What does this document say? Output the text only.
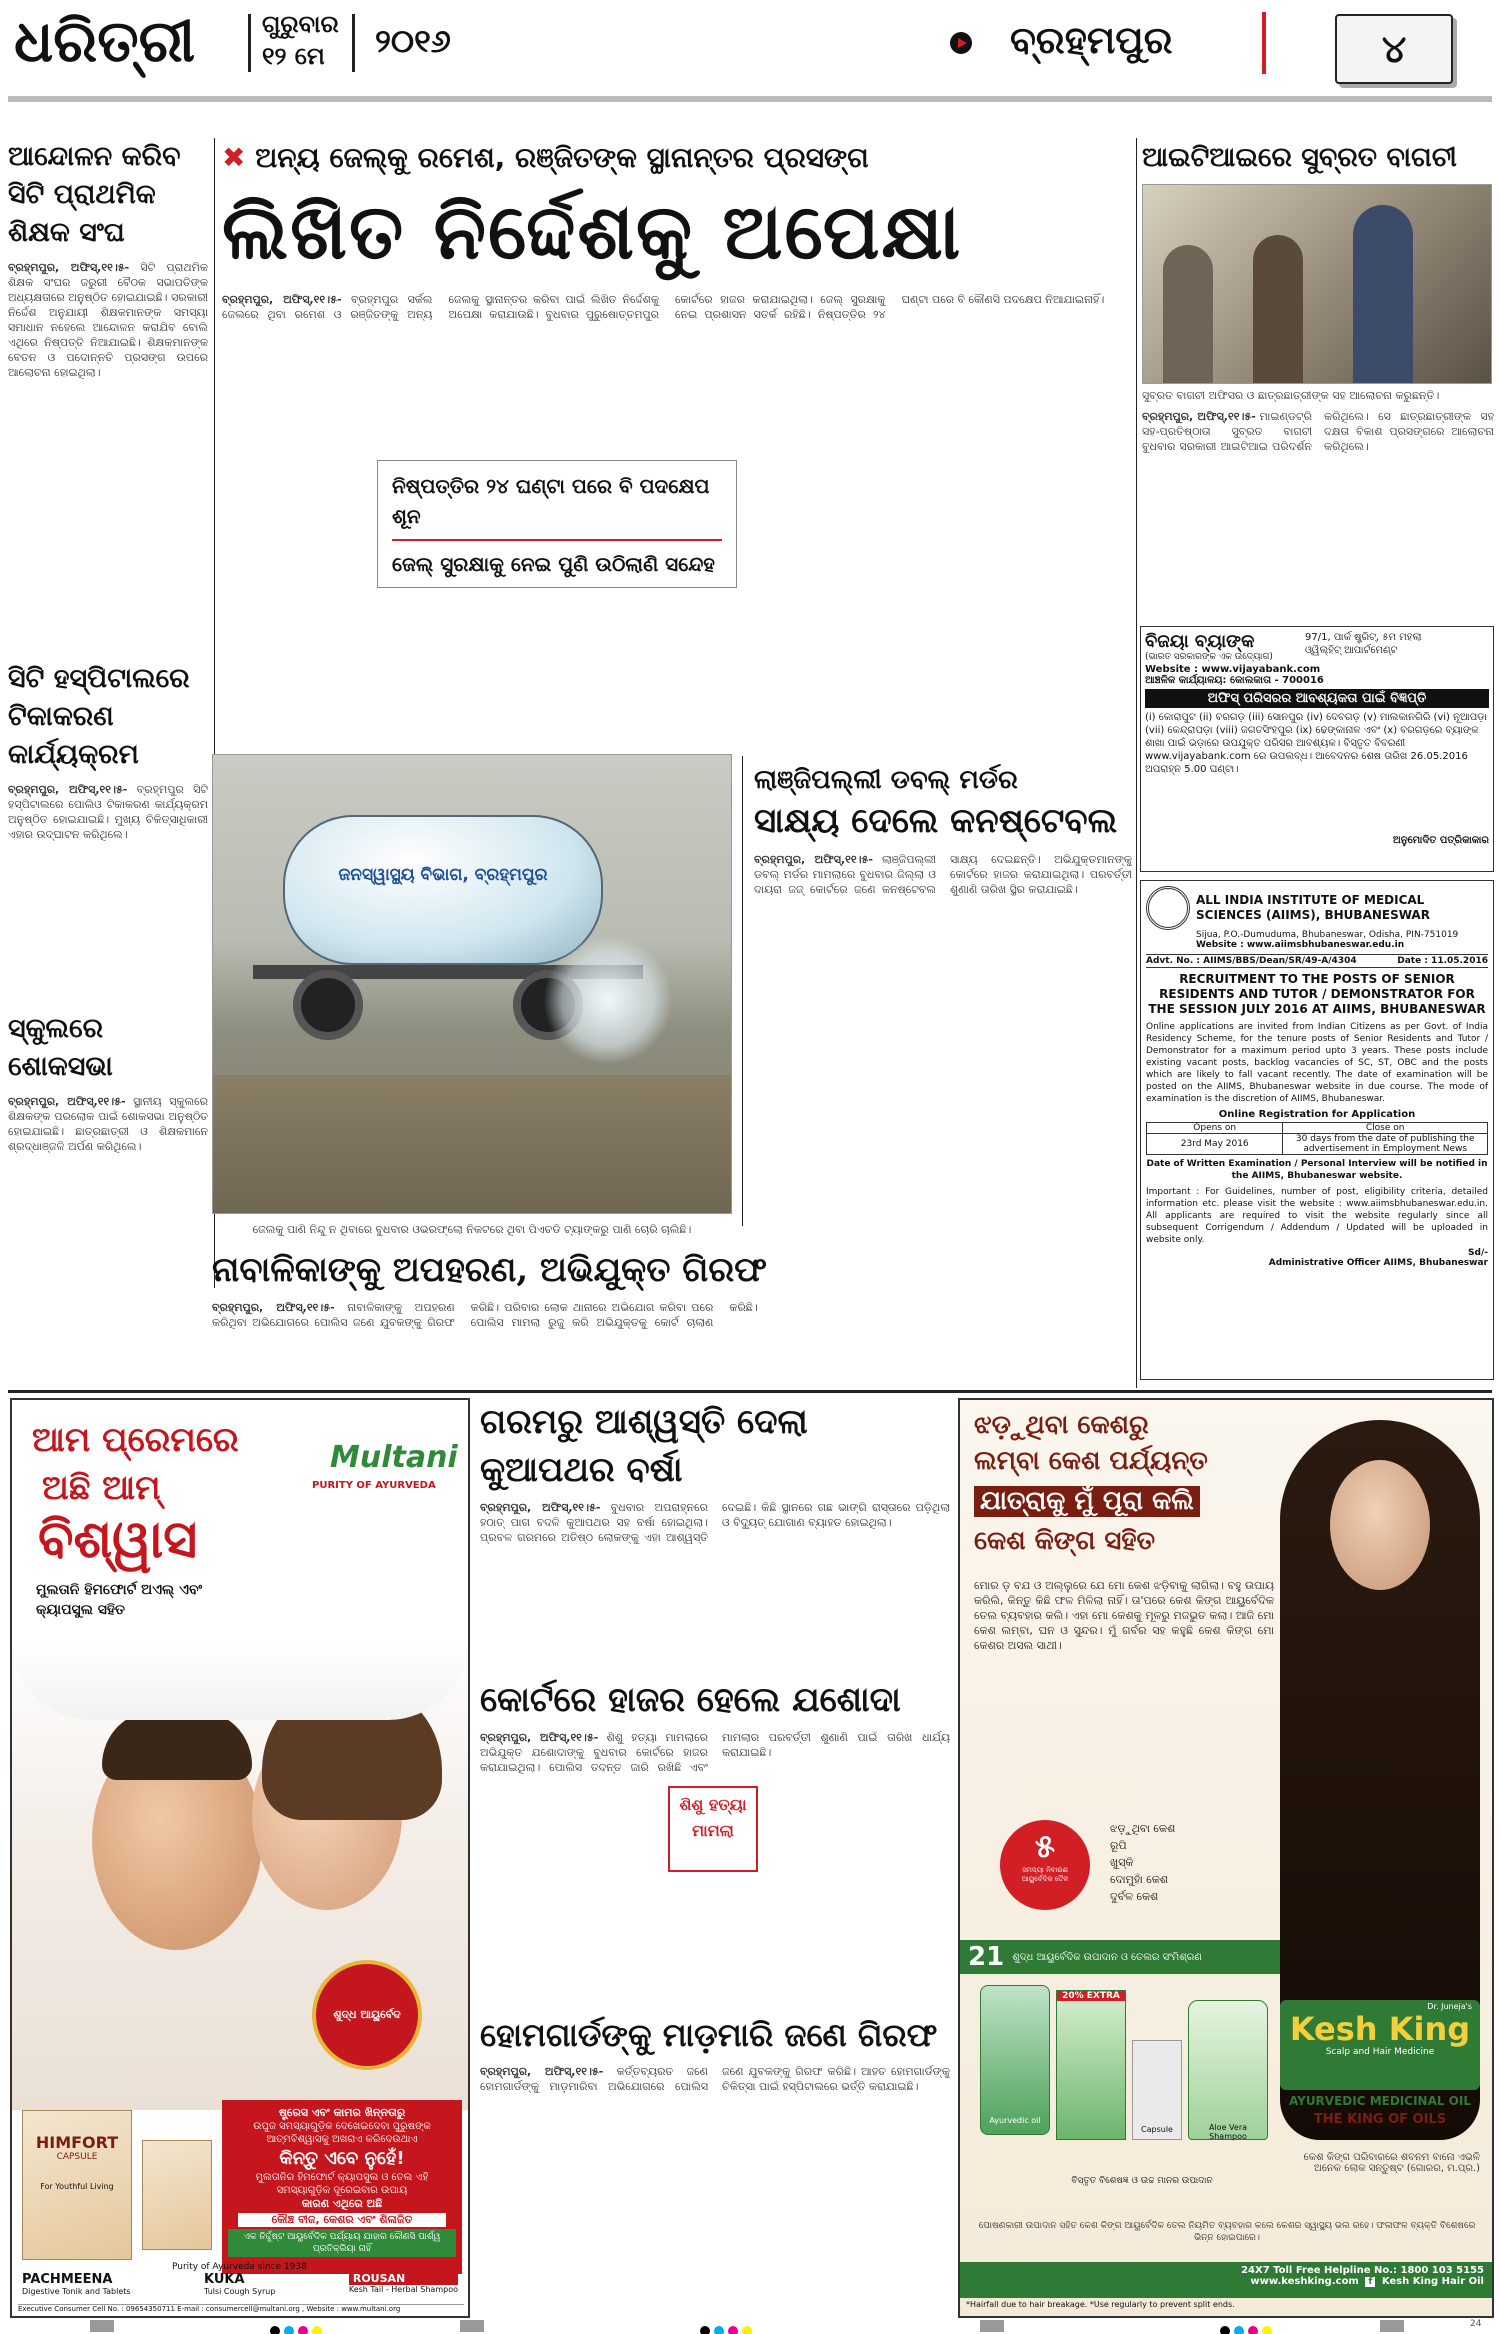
ଧରିତ୍ରୀ	ଗୁରୁବାର
୧୨ ମେ ୨୦୧୬	ବ୍ରହ୍ମପୁର	୪
ଆନ୍ଦୋଳନ କରିବ ସିଟି ପ୍ରାଥମିକ ଶିକ୍ଷକ ସଂଘ
ବ୍ରହ୍ମପୁର, ଅଫିସ୍,୧୧।୫- ସିଟି ପ୍ରାଥମିକ ଶିକ୍ଷକ ସଂଘର ଜରୁରୀ ବୈଠକ ସଭାପତିଙ୍କ ଅଧ୍ୟକ୍ଷତାରେ ଅନୁଷ୍ଠିତ ହୋଇଯାଇଛି। ସରକାରୀ ନିର୍ଦ୍ଦେଶ ଅନୁଯାୟୀ ଶିକ୍ଷକମାନଙ୍କ ସମସ୍ୟା ସମାଧାନ ନହେଲେ ଆନ୍ଦୋଳନ କରାଯିବ ବୋଲି ଏଥିରେ ନିଷ୍ପତ୍ତି ନିଆଯାଇଛି। ଶିକ୍ଷକମାନଙ୍କ ବେତନ ଓ ପଦୋନ୍ନତି ପ୍ରସଙ୍ଗ ଉପରେ ଆଲୋଚନା ହୋଇଥିଲା।
ସିଟି ହସ୍ପିଟାଲରେ ଟିକାକରଣ କାର୍ଯ୍ୟକ୍ରମ
ବ୍ରହ୍ମପୁର, ଅଫିସ୍,୧୧।୫- ବ୍ରହ୍ମପୁର ସିଟି ହସ୍ପିଟାଲରେ ପୋଲିଓ ଟିକାକରଣ କାର୍ଯ୍ୟକ୍ରମ ଅନୁଷ୍ଠିତ ହୋଇଯାଇଛି। ମୁଖ୍ୟ ଚିକିତ୍ସାଧିକାରୀ ଏହାର ଉଦ୍‌ଘାଟନ କରିଥିଲେ।
ସ୍କୁଲରେ ଶୋକସଭା
ବ୍ରହ୍ମପୁର, ଅଫିସ୍,୧୧।୫- ସ୍ଥାନୀୟ ସ୍କୁଲରେ ଶିକ୍ଷକଙ୍କ ପରଲୋକ ପାଇଁ ଶୋକସଭା ଅନୁଷ୍ଠିତ ହୋଇଯାଇଛି। ଛାତ୍ରଛାତ୍ରୀ ଓ ଶିକ୍ଷକମାନେ ଶ୍ରଦ୍ଧାଞ୍ଜଳି ଅର୍ପଣ କରିଥିଲେ।
✖ ଅନ୍ୟ ଜେଲ୍‌କୁ ରମେଶ, ରଞ୍ଜିତଙ୍କ ସ୍ଥାନାନ୍ତର ପ୍ରସଙ୍ଗ
ଲିଖିତ ନିର୍ଦ୍ଦେଶକୁ ଅପେକ୍ଷା
ବ୍ରହ୍ମପୁର, ଅଫିସ୍,୧୧।୫- ବ୍ରହ୍ମପୁର ସର୍କଲ ଜେଲରେ ଥିବା ରମେଶ ଓ ରଞ୍ଜିତଙ୍କୁ ଅନ୍ୟ ଜେଲକୁ ସ୍ଥାନାନ୍ତର କରିବା ପାଇଁ ଲିଖିତ ନିର୍ଦ୍ଦେଶକୁ ଅପେକ୍ଷା କରାଯାଉଛି। ବୁଧବାର ପୁରୁଷୋତ୍ତମପୁର କୋର୍ଟରେ ହାଜର କରାଯାଇଥିଲା। ଜେଲ୍ ସୁରକ୍ଷାକୁ ନେଇ ପ୍ରଶାସନ ସତର୍କ ରହିଛି। ନିଷ୍ପତ୍ତିର ୨୪ ଘଣ୍ଟା ପରେ ବି କୌଣସି ପଦକ୍ଷେପ ନିଆଯାଇନାହିଁ।
ନିଷ୍ପତ୍ତିର ୨୪ ଘଣ୍ଟା ପରେ ବି ପଦକ୍ଷେପ ଶୂନ
ଜେଲ୍ ସୁରକ୍ଷାକୁ ନେଇ ପୁଣି ଉଠିଲାଣି ସନ୍ଦେହ
ଜନସ୍ୱାସ୍ଥ୍ୟ ବିଭାଗ, ବ୍ରହ୍ମପୁର
ଜେଲକୁ ପାଣି ନିନ୍ଦୁ ନ ଥିବାରେ ବୁଧବାର ଓଭରଫ୍ଲୋ ନିକଟରେ ଥିବା ପିଏଚଡି ଟ୍ୟାଙ୍କରୁ ପାଣି ଚୋରି ଚାଲିଛି।
ନାବାଳିକାଙ୍କୁ ଅପହରଣ, ଅଭିଯୁକ୍ତ ଗିରଫ
ବ୍ରହ୍ମପୁର, ଅଫିସ୍,୧୧।୫- ନାବାଳିକାଙ୍କୁ ଅପହରଣ କରିଥିବା ଅଭିଯୋଗରେ ପୋଲିସ ଜଣେ ଯୁବକଙ୍କୁ ଗିରଫ କରିଛି। ପରିବାର ଲୋକ ଥାନାରେ ଅଭିଯୋଗ କରିବା ପରେ ପୋଲିସ ମାମଲା ରୁଜୁ କରି ଅଭିଯୁକ୍ତକୁ କୋର୍ଟ ଚାଲାଣ କରିଛି।
ଲାଞ୍ଜିପଲ୍ଲୀ ଡବଲ୍ ମର୍ଡର
ସାକ୍ଷ୍ୟ ଦେଲେ କନଷ୍ଟେବଲ
ବ୍ରହ୍ମପୁର, ଅଫିସ୍,୧୧।୫- ଲାଞ୍ଜିପଲ୍ଲୀ ଡବଲ୍ ମର୍ଡର ମାମଲାରେ ବୁଧବାର ଜିଲ୍ଲା ଓ ଦାୟରା ଜଜ୍ କୋର୍ଟରେ ଜଣେ କନଷ୍ଟେବଲ ସାକ୍ଷ୍ୟ ଦେଇଛନ୍ତି। ଅଭିଯୁକ୍ତମାନଙ୍କୁ କୋର୍ଟରେ ହାଜର କରାଯାଇଥିଲା। ପରବର୍ତ୍ତୀ ଶୁଣାଣି ତାରିଖ ସ୍ଥିର କରାଯାଇଛି।
ଆଇଟିଆଇରେ ସୁବ୍ରତ ବାଗଚୀ
ସୁବ୍ରତ ବାଗଚୀ ଅଫିସର ଓ ଛାତ୍ରଛାତ୍ରୀଙ୍କ ସହ ଆଲୋଚନା କରୁଛନ୍ତି।
ବ୍ରହ୍ମପୁର, ଅଫିସ୍,୧୧।୫- ମାଇଣ୍ଡଟ୍ରି ସହ-ପ୍ରତିଷ୍ଠାତା ସୁବ୍ରତ ବାଗଚୀ ବୁଧବାର ସରକାରୀ ଆଇଟିଆଇ ପରିଦର୍ଶନ କରିଥିଲେ। ସେ ଛାତ୍ରଛାତ୍ରୀଙ୍କ ସହ ଦକ୍ଷତା ବିକାଶ ପ୍ରସଙ୍ଗରେ ଆଲୋଚନା କରିଥିଲେ।
ବିଜୟା ବ୍ୟାଙ୍କ
(ଭାରତ ସରକାରଙ୍କ ଏକ ଉଦ୍ୟୋଗ)
97/1, ପାର୍କ ଷ୍ଟ୍ରିଟ୍, ୫ମ ମହଲା
ଓ୍ୱିଲ୍‌ହିଟ୍ ଆପାର୍ଟମେଣ୍ଟ
Website : www.vijayabank.com
ଆଞ୍ଚଳିକ କାର୍ଯ୍ୟାଳୟ: କୋଲକାତା - 700016
ଅଫିସ୍ ପରିସରର ଆବଶ୍ୟକତା ପାଇଁ ବିଜ୍ଞପ୍ତି
(i) କୋରାପୁଟ (ii) ବରଗଡ଼ (iii) ସୋନପୁର (iv) ଦେବଗଡ଼ (v) ମାଲକାନଗିରି (vi) ନୂଆପଡ଼ା (vii) କେନ୍ଦ୍ରାପଡ଼ା (viii) ଜଗତସିଂହପୁର (ix) ଢେଙ୍କାନାଳ ଏବଂ (x) ବରଗଡ଼ରେ ବ୍ୟାଙ୍କ ଶାଖା ପାଇଁ ଭଡ଼ାରେ ଉପଯୁକ୍ତ ପରିସର ଆବଶ୍ୟକ। ବିସ୍ତୃତ ବିବରଣୀ www.vijayabank.com ରେ ଉପଲବ୍ଧ। ଆବେଦନର ଶେଷ ତାରିଖ 26.05.2016 ଅପରାହ୍ନ 5.00 ଘଣ୍ଟା।
ଅନୁମୋଦିତ ପତ୍ରିକାକାର
ALL INDIA INSTITUTE OF MEDICAL SCIENCES (AIIMS), BHUBANESWAR
Sijua, P.O.-Dumuduma, Bhubaneswar, Odisha, PIN-751019
Website : www.aiimsbhubaneswar.edu.in
Advt. No. : AIIMS/BBS/Dean/SR/49-A/4304	Date : 11.05.2016
RECRUITMENT TO THE POSTS OF SENIOR RESIDENTS AND TUTOR / DEMONSTRATOR FOR THE SESSION JULY 2016 AT AIIMS, BHUBANESWAR
Online applications are invited from Indian Citizens as per Govt. of India Residency Scheme, for the tenure posts of Senior Residents and Tutor / Demonstrator for a maximum period upto 3 years. These posts include existing vacant posts, backlog vacancies of SC, ST, OBC and the posts which are likely to fall vacant recently. The date of examination will be posted on the AIIMS, Bhubaneswar website in due course. The mode of examination is the discretion of AIIMS, Bhubaneswar.
Online Registration for Application
Opens on	Close on
23rd May 2016	30 days from the date of publishing the advertisement in Employment News
Date of Written Examination / Personal Interview will be notified in the AIIMS, Bhubaneswar website.
Important : For Guidelines, number of post, eligibility criteria, detailed information etc. please visit the website : www.aiimsbhubaneswar.edu.in. All applicants are required to visit the website regularly since all subsequent Corrigendum / Addendum / Updated will be uploaded in website only.
Sd/-
Administrative Officer AIIMS, Bhubaneswar
ଆମ ପ୍ରେମରେ
ଅଛି ଆମ୍
ବିଶ୍ୱାସ
ମୁଲତାନି ହିମଫୋର୍ଟ ଅଏଲ୍ ଏବଂ କ୍ୟାପସୁଲ ସହିତ
Multani
PURITY OF AYURVEDA
ଶୁଦ୍ଧ ଆୟୁର୍ବେଦ
HIMFORT
CAPSULE
For Youthful Living
ଷ୍ଟ୍ରେସ ଏବଂ କାମର ଖିନ୍ନତାରୁ
ଉପୁଜ ସମସ୍ୟାଗୁଡ଼ିକ ଦେଖେଇଦେବା ପୁରୁଷଙ୍କ ଆତ୍ମବିଶ୍ୱାସକୁ ଅଖରାଏ କରିଦେଉଥାଏ
କିନ୍ତୁ ଏବେ ନୁହେଁ!
ମୁଲତାନିର ହିମଫୋର୍ଟ କ୍ୟାପସୁଲ ଓ ତେଲ ଏହି ସମସ୍ୟାଗୁଡ଼ିକ ଦୂରେଇବାର ଉପାୟ
କାରଣ ଏଥିରେ ଅଛି
କୌଞ୍ଚ ବୀଜ, କେଶର ଏବଂ ଶିଳାଜିତ
ଏକ ନିର୍ଦ୍ଦୁଷ୍ଟ ଆୟୁର୍ବେଦିକ ପର୍ଯ୍ୟାୟ ଯାହାର କୌଣସି ପାର୍ଶ୍ୱ ପ୍ରତିକ୍ରିୟା ନାହିଁ
Purity of Ayurveda since 1938
PACHMEENA
Digestive Tonik and Tablets
KUKA
Tulsi Cough Syrup
ROUSAN
Kesh Tail - Herbal Shampoo
Executive Consumer Cell No. : 09654350711 E-mail : consumercell@multani.org , Website : www.multani.org
ଗରମରୁ ଆଶ୍ୱସ୍ତି ଦେଲା କୁଆପଥର ବର୍ଷା
ବ୍ରହ୍ମପୁର, ଅଫିସ୍,୧୧।୫- ବୁଧବାର ଅପରାହ୍ନରେ ହଠାତ୍ ପାଗ ବଦଳି କୁଆପଥର ସହ ବର୍ଷା ହୋଇଥିଲା। ପ୍ରବଳ ଗରମରେ ଅତିଷ୍ଠ ଲୋକଙ୍କୁ ଏହା ଆଶ୍ୱସ୍ତି ଦେଇଛି। କିଛି ସ୍ଥାନରେ ଗଛ ଭାଙ୍ଗି ରାସ୍ତାରେ ପଡ଼ିଥିଲା ଓ ବିଦ୍ୟୁତ୍ ଯୋଗାଣ ବ୍ୟାହତ ହୋଇଥିଲା।
କୋର୍ଟରେ ହାଜର ହେଲେ ଯଶୋଦା
ବ୍ରହ୍ମପୁର, ଅଫିସ୍,୧୧।୫- ଶିଶୁ ହତ୍ୟା ମାମଲାରେ ଅଭିଯୁକ୍ତ ଯଶୋଦାଙ୍କୁ ବୁଧବାର କୋର୍ଟରେ ହାଜର କରାଯାଇଥିଲା। ପୋଲିସ ତଦନ୍ତ ଜାରି ରଖିଛି ଏବଂ ମାମଲାର ପରବର୍ତ୍ତୀ ଶୁଣାଣି ପାଇଁ ତାରିଖ ଧାର୍ଯ୍ୟ କରାଯାଇଛି।
ଶିଶୁ ହତ୍ୟା ମାମଲା
ହୋମଗାର୍ଡଙ୍କୁ ମାଡ଼ମାରି ଜଣେ ଗିରଫ
ବ୍ରହ୍ମପୁର, ଅଫିସ୍,୧୧।୫- କର୍ତ୍ତବ୍ୟରତ ଜଣେ ହୋମଗାର୍ଡଙ୍କୁ ମାଡ଼ମାରିବା ଅଭିଯୋଗରେ ପୋଲିସ ଜଣେ ଯୁବକଙ୍କୁ ଗିରଫ କରିଛି। ଆହତ ହୋମଗାର୍ଡଙ୍କୁ ଚିକିତ୍ସା ପାଇଁ ହସ୍ପିଟାଲରେ ଭର୍ତ୍ତି କରାଯାଇଛି।
ଝଡ଼ୁଥିବା କେଶରୁ
ଲମ୍ବା କେଶ ପର୍ଯ୍ୟନ୍ତ
ଯାତ୍ରାକୁ ମୁଁ ପୂରା କଲି
କେଶ କିଙ୍ଗ ସହିତ
ମୋର ଡ଼ ବଯ ଓ ଅଲ୍ଲୁରେ ଯେ ମୋ କେଶ ଝଡ଼ିବାକୁ ଲାଗିଲା। ବହୁ ଉପାୟ କରିଲି, କିନ୍ତୁ କିଛି ଫଳ ମିଳିଲା ନାହିଁ। ତା'ପରେ କେଶ କିଙ୍ଗ ଆୟୁର୍ବେଦିକ ତେଲ ବ୍ୟବହାର କଲି। ଏହା ମୋ କେଶକୁ ମୂଳରୁ ମଜଭୁତ କଲା। ଆଜି ମୋ କେଶ ଲମ୍ବା, ଘନ ଓ ସୁନ୍ଦର। ମୁଁ ଗର୍ବର ସହ କହୁଛି କେଶ କିଙ୍ଗ ମୋ କେଶର ଅସଲ ସାଥୀ।
୫
ସମସ୍ୟା ନିବାରଣ ଆୟୁର୍ବେଦିକ ତୈଳ
ଝଡ଼ୁଥିବା କେଶ
ରୂପି
ଖୁସ୍କି
ଦୋମୁହାଁ କେଶ
ଦୁର୍ବଳ କେଶ
21 ଶୁଦ୍ଧ ଆୟୁର୍ବେଦିକ ଉପାଦାନ ଓ ତେଲର ସଂମିଶ୍ରଣ
କେଶ କିଙ୍ଗ ପରିବାରରେ ଶବନମ ବାନୋ ଏଭଳି ଅନେକ ଲୋକ ସନ୍ତୁଷ୍ଟ (ଗୋରର, ମ.ପ୍ର.)
Ayurvedic oil
20% EXTRA
Capsule	Aloe Vera Shampoo
Dr. Juneja's
Kesh King
Scalp and Hair Medicine
AYURVEDIC MEDICINAL OIL
THE KING OF OILS
ବିସ୍ତୃତ ବିଶେଷଜ୍ଞ ଓ ଉଚ୍ଚ ମାନର ଉପାଦାନ
ପୋଷଣକାରୀ ଉପାଦାନ ସହିତ କେଶ କିଙ୍ଗ ଆୟୁର୍ବେଦିକ ତେଲ ନିୟମିତ ବ୍ୟବହାର କଲେ କେଶର ସ୍ୱାସ୍ଥ୍ୟ ଭଲ ରହେ। ଫଳାଫଳ ବ୍ୟକ୍ତି ବିଶେଷରେ ଭିନ୍ନ ହୋଇପାରେ।
24X7 Toll Free Helpline No.: 1800 103 5155
www.keshking.com f Kesh King Hair Oil
*Hairfall due to hair breakage. *Use regularly to prevent split ends.
24
